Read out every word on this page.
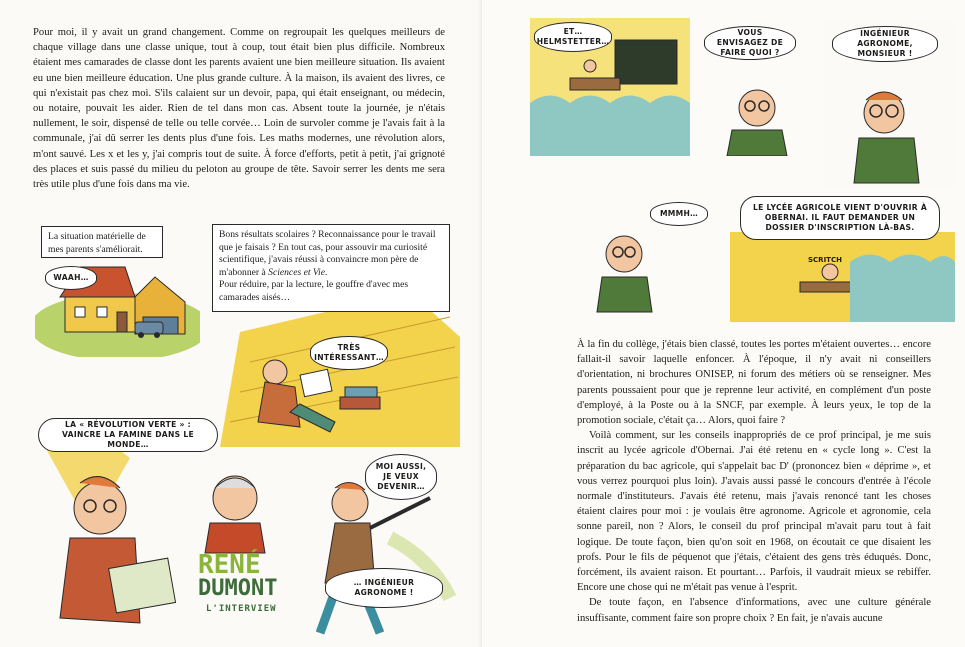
Pour moi, il y avait un grand changement. Comme on regroupait les quelques meilleurs de chaque village dans une classe unique, tout à coup, tout était bien plus difficile. Nombreux étaient mes camarades de classe dont les parents avaient une bien meilleure situation. Ils avaient eu une bien meilleure éducation. Une plus grande culture. À la maison, ils avaient des livres, ce qui n'existait pas chez moi. S'ils calaient sur un devoir, papa, qui était enseignant, ou médecin, ou notaire, pouvait les aider. Rien de tel dans mon cas. Absent toute la journée, je n'étais nullement, le soir, dispensé de telle ou telle corvée… Loin de survoler comme je l'avais fait à la communale, j'ai dû serrer les dents plus d'une fois. Les maths modernes, une révolution alors, m'ont sauvé. Les x et les y, j'ai compris tout de suite. À force d'efforts, petit à petit, j'ai grignoté des places et suis passé du milieu du peloton au groupe de tête. Savoir serrer les dents me sera très utile plus d'une fois dans ma vie.

La situation matérielle de mes parents s'améliorait.
WAAH…
Bons résultats scolaires ? Reconnaissance pour le travail que je faisais ? En tout cas, pour assouvir ma curiosité scientifique, j'avais réussi à convaincre mon père de m'abonner à Sciences et Vie.
Pour réduire, par la lecture, le gouffre d'avec mes camarades aisés…
TRÈS INTÉRESSANT…
LA « RÉVOLUTION VERTE » : VAINCRE LA FAMINE DANS LE MONDE…
MOI AUSSI, JE VEUX DEVENIR…
… INGÉNIEUR AGRONOME !
RENÉ
DUMONT
L'INTERVIEW
ET… HELMSTETTER…
VOUS ENVISAGEZ DE FAIRE QUOI ?
INGÉNIEUR AGRONOME, MONSIEUR !
MMMH…
LE LYCÉE AGRICOLE VIENT D'OUVRIR À OBERNAI. IL FAUT DEMANDER UN DOSSIER D'INSCRIPTION LÀ-BAS.
SCRITCH

À la fin du collège, j'étais bien classé, toutes les portes m'étaient ouvertes… encore fallait-il savoir laquelle enfoncer. À l'époque, il n'y avait ni conseillers d'orientation, ni brochures ONISEP, ni forum des métiers où se renseigner. Mes parents poussaient pour que je reprenne leur activité, en complément d'un poste d'employé, à la Poste ou à la SNCF, par exemple. À leurs yeux, le top de la promotion sociale, c'était ça… Alors, quoi faire ?

Voilà comment, sur les conseils inappropriés de ce prof principal, je me suis inscrit au lycée agricole d'Obernai. J'ai été retenu en « cycle long ». C'est la préparation du bac agricole, qui s'appelait bac D' (prononcez bien « déprime », et vous verrez pourquoi plus loin). J'avais aussi passé le concours d'entrée à l'école normale d'instituteurs. J'avais été retenu, mais j'avais renoncé tant les choses étaient claires pour moi : je voulais être agronome. Agricole et agronomie, cela sonne pareil, non ? Alors, le conseil du prof principal m'avait paru tout à fait logique. De toute façon, bien qu'on soit en 1968, on écoutait ce que disaient les profs. Pour le fils de péquenot que j'étais, c'étaient des gens très éduqués. Donc, forcément, ils avaient raison. Et pourtant… Parfois, il vaudrait mieux se rebiffer. Encore une chose qui ne m'était pas venue à l'esprit.

De toute façon, en l'absence d'informations, avec une culture générale insuffisante, comment faire son propre choix ? En fait, je n'avais aucune
